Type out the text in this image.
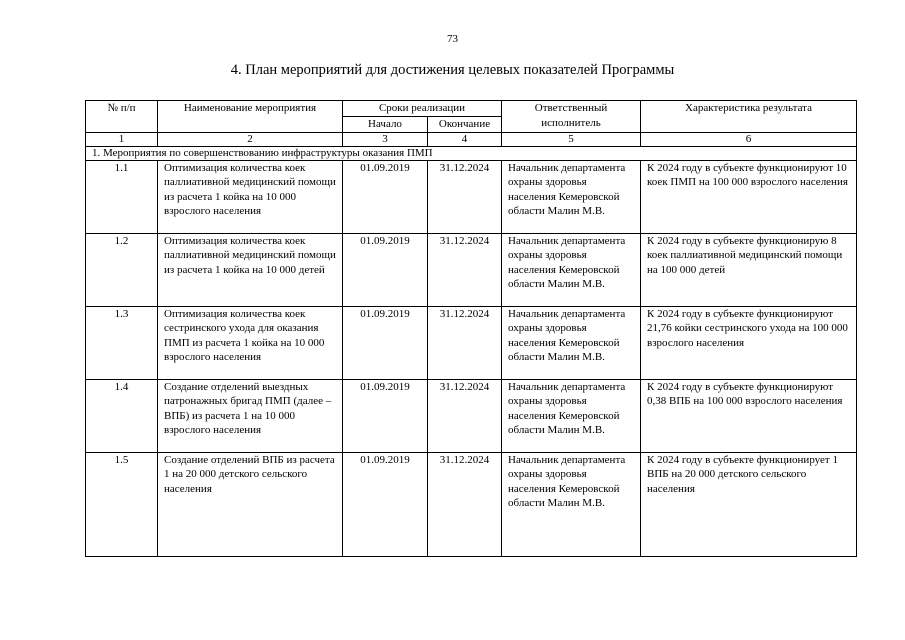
73
4. План мероприятий для достижения целевых показателей Программы
№ п/п	Наименование мероприятия	Сроки реализации		Ответственный исполнитель	Характеристика результата
		Начало	Окончание		
1	2	3	4	5	6
1. Мероприятия по совершенствованию инфраструктуры оказания ПМП					
1.1	Оптимизация количества коек паллиативной медицинский помощи из расчета 1 койка на 10 000 взрослого населения	01.09.2019	31.12.2024	Начальник департамента охраны здоровья населения Кемеровской области Малин М.В.	К 2024 году в субъекте функционируют 10 коек ПМП на 100 000 взрослого населения
1.2	Оптимизация количества коек паллиативной медицинский помощи из расчета 1 койка на 10 000 детей	01.09.2019	31.12.2024	Начальник департамента охраны здоровья населения Кемеровской области Малин М.В.	К 2024 году в субъекте функционирую 8 коек паллиативной медицинский помощи на 100 000 детей
1.3	Оптимизация количества коек сестринского ухода для оказания ПМП из расчета 1 койка на 10 000 взрослого населения	01.09.2019	31.12.2024	Начальник департамента охраны здоровья населения Кемеровской области Малин М.В.	К 2024 году в субъекте функционируют 21,76 койки сестринского ухода на 100 000 взрослого населения
1.4	Создание отделений выездных патронажных бригад ПМП (далее – ВПБ) из расчета 1 на 10 000 взрослого населения	01.09.2019	31.12.2024	Начальник департамента охраны здоровья населения Кемеровской области Малин М.В.	К 2024 году в субъекте функционируют 0,38 ВПБ на 100 000 взрослого населения
1.5	Создание отделений ВПБ из расчета 1 на 20 000 детского сельского населения	01.09.2019	31.12.2024	Начальник департамента охраны здоровья населения Кемеровской области Малин М.В.	К 2024 году в субъекте функционирует 1 ВПБ на 20 000 детского сельского населения
